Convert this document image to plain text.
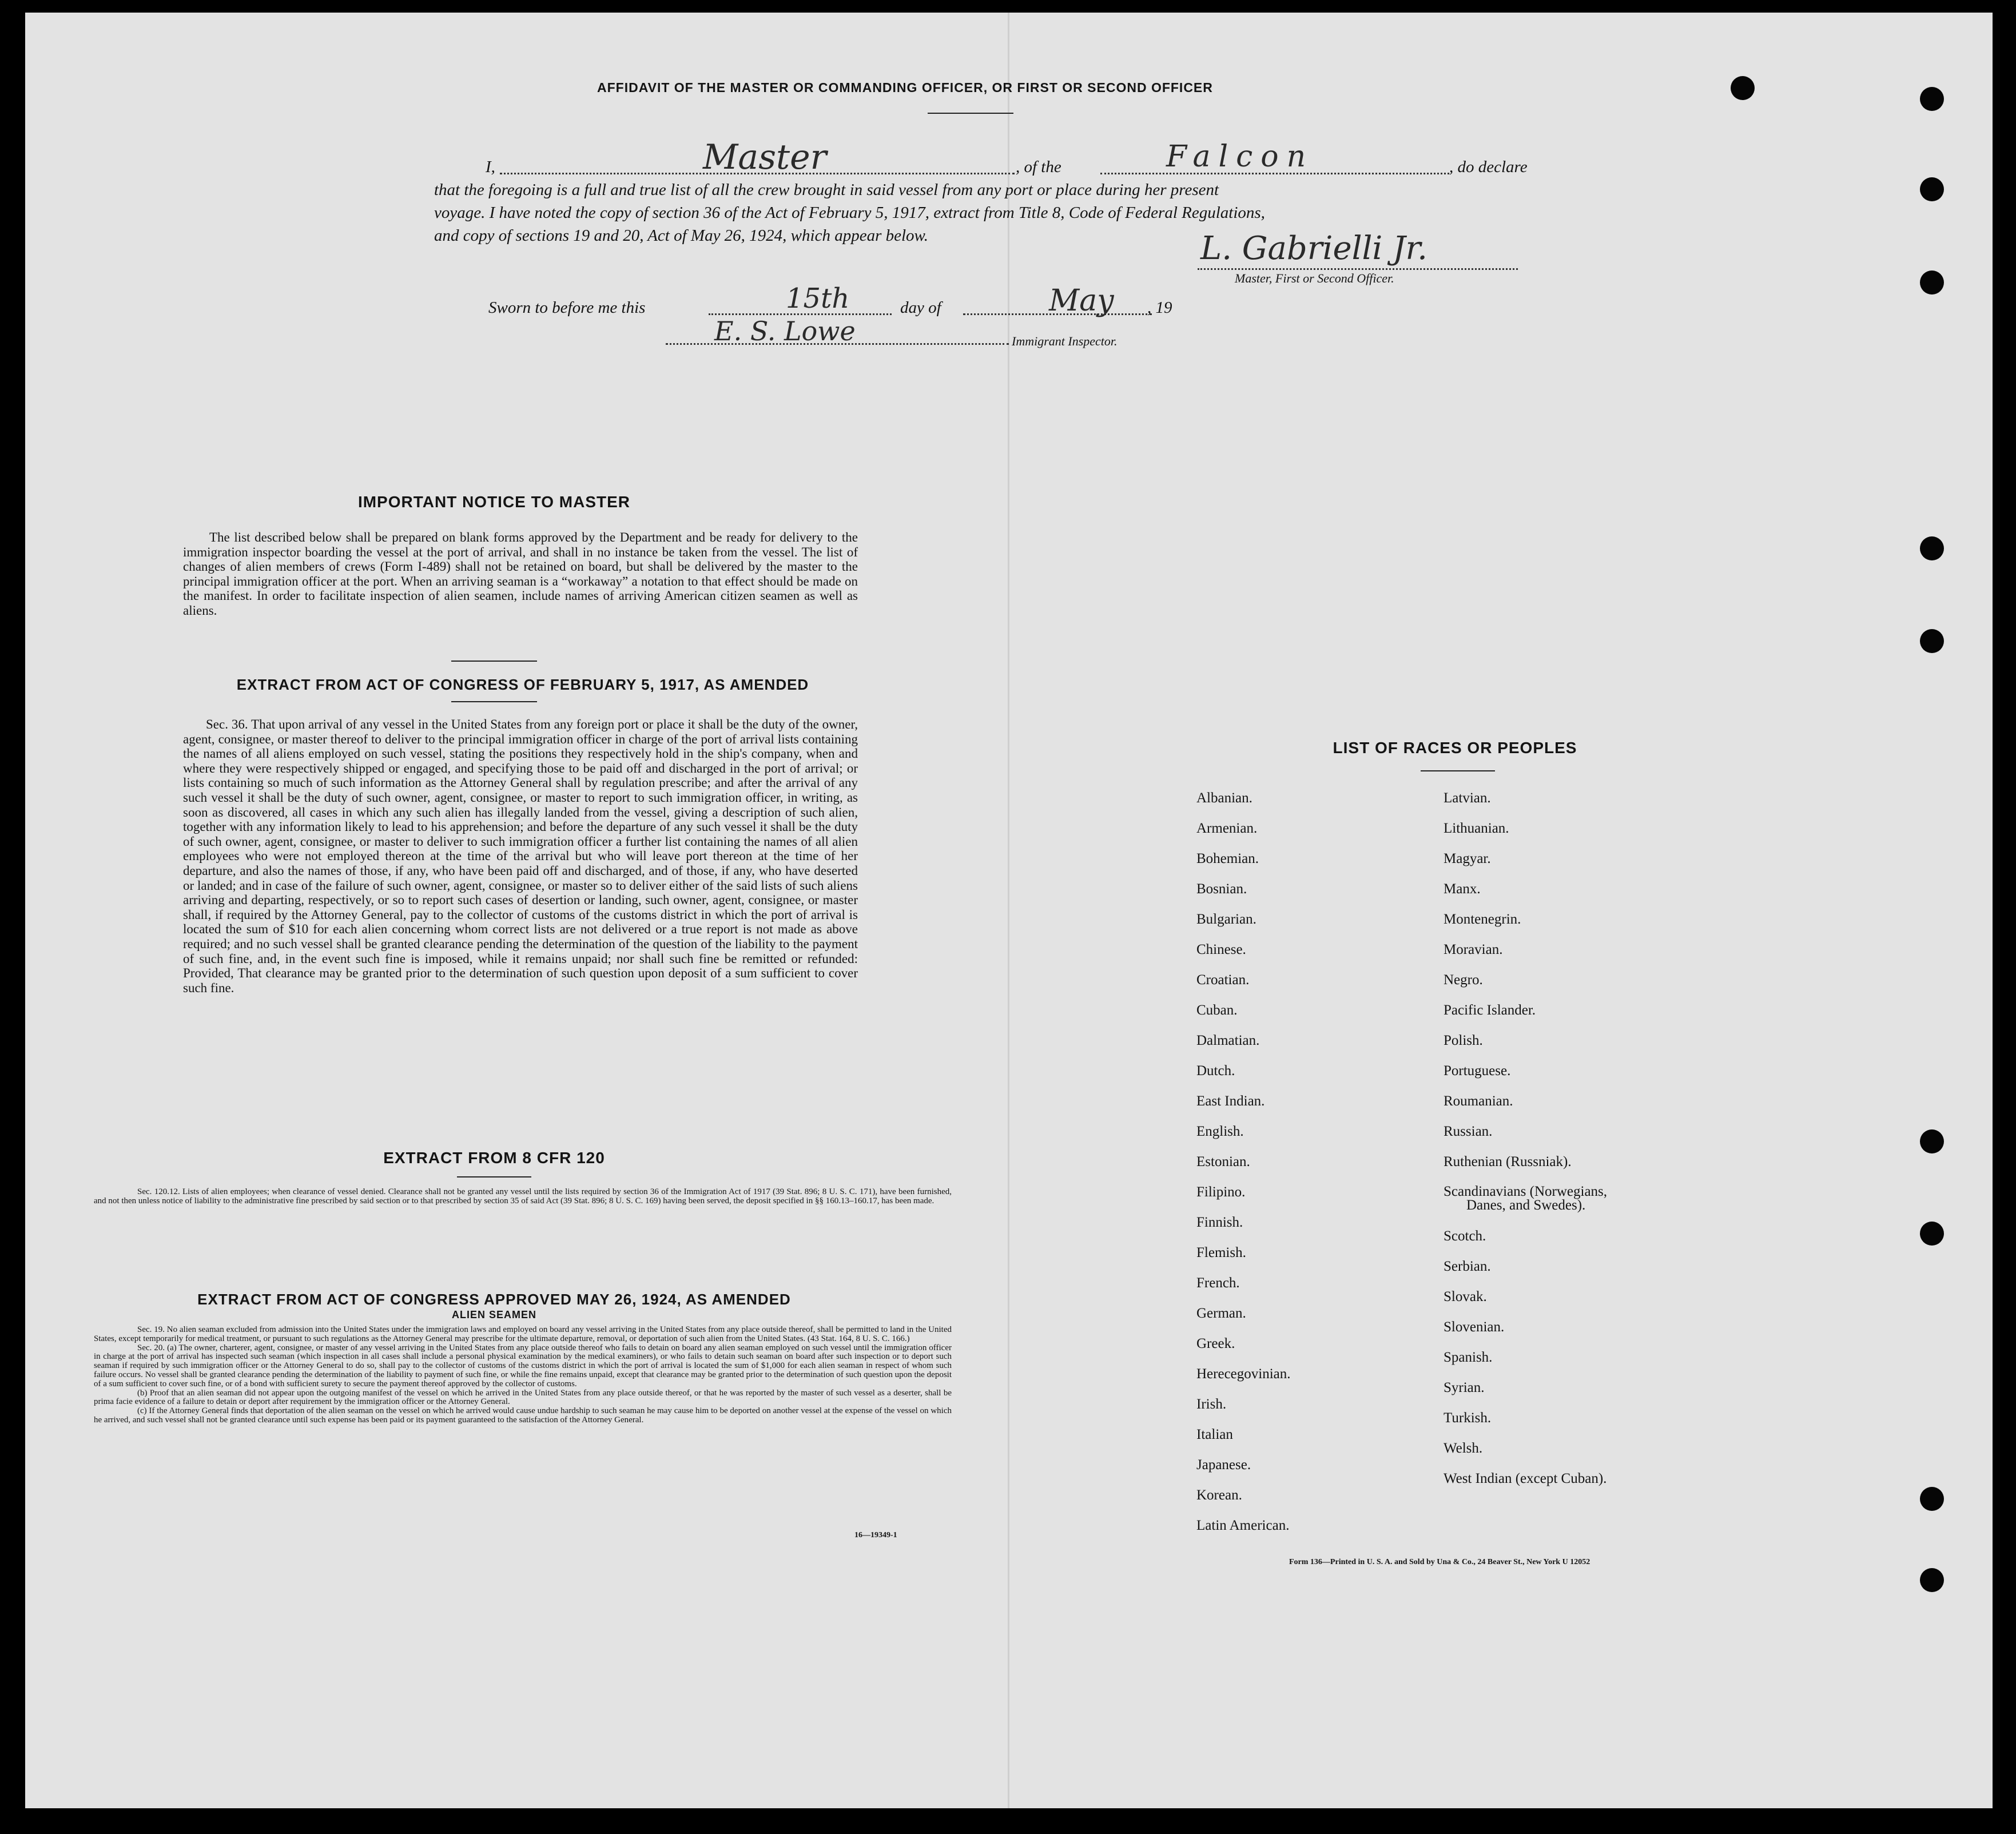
AFFIDAVIT OF THE MASTER OR COMMANDING OFFICER, OR FIRST OR SECOND OFFICER
I,	Master	, of the	Falcon	, do declare
that the foregoing is a full and true list of all the crew brought in said vessel from any port or place during her present
voyage. I have noted the copy of section 36 of the Act of February 5, 1917, extract from Title 8, Code of Federal Regulations,
and copy of sections 19 and 20, Act of May 26, 1924, which appear below.	L. Gabrielli Jr.
Master, First or Second Officer.
Sworn to before me this	15th	day of	May , 19
E. S. Lowe	Immigrant Inspector.
IMPORTANT NOTICE TO MASTER

The list described below shall be prepared on blank forms approved by the Department and be ready for delivery to the immigration inspector boarding the vessel at the port of arrival, and shall in no instance be taken from the vessel. The list of changes of alien members of crews (Form I-489) shall not be retained on board, but shall be delivered by the master to the principal immigration officer at the port. When an arriving seaman is a “workaway” a notation to that effect should be made on the manifest. In order to facilitate inspection of alien seamen, include names of arriving American citizen seamen as well as aliens.

EXTRACT FROM ACT OF CONGRESS OF FEBRUARY 5, 1917, AS AMENDED

Sec. 36. That upon arrival of any vessel in the United States from any foreign port or place it shall be the duty of the owner, agent, consignee, or master thereof to deliver to the principal immigration officer in charge of the port of arrival lists containing the names of all aliens employed on such vessel, stating the positions they respectively hold in the ship's company, when and where they were respectively shipped or engaged, and specifying those to be paid off and discharged in the port of arrival; or lists containing so much of such information as the Attorney General shall by regulation prescribe; and after the arrival of any such vessel it shall be the duty of such owner, agent, consignee, or master to report to such immigration officer, in writing, as soon as discovered, all cases in which any such alien has illegally landed from the vessel, giving a description of such alien, together with any information likely to lead to his apprehension; and before the departure of any such vessel it shall be the duty of such owner, agent, consignee, or master to deliver to such immigration officer a further list containing the names of all alien employees who were not employed thereon at the time of the arrival but who will leave port thereon at the time of her departure, and also the names of those, if any, who have been paid off and discharged, and of those, if any, who have deserted or landed; and in case of the failure of such owner, agent, consignee, or master so to deliver either of the said lists of such aliens arriving and departing, respectively, or so to report such cases of desertion or landing, such owner, agent, consignee, or master shall, if required by the Attorney General, pay to the collector of customs of the customs district in which the port of arrival is located the sum of $10 for each alien concerning whom correct lists are not delivered or a true report is not made as above required; and no such vessel shall be granted clearance pending the determination of the question of the liability to the payment of such fine, and, in the event such fine is imposed, while it remains unpaid; nor shall such fine be remitted or refunded: Provided, That clearance may be granted prior to the determination of such question upon deposit of a sum sufficient to cover such fine.

EXTRACT FROM 8 CFR 120

Sec. 120.12. Lists of alien employees; when clearance of vessel denied. Clearance shall not be granted any vessel until the lists required by section 36 of the Immigration Act of 1917 (39 Stat. 896; 8 U. S. C. 171), have been furnished, and not then unless notice of liability to the administrative fine prescribed by said section or to that prescribed by section 35 of said Act (39 Stat. 896; 8 U. S. C. 169) having been served, the deposit specified in §§ 160.13–160.17, has been made.

EXTRACT FROM ACT OF CONGRESS APPROVED MAY 26, 1924, AS AMENDED
ALIEN SEAMEN

Sec. 19. No alien seaman excluded from admission into the United States under the immigration laws and employed on board any vessel arriving in the United States from any place outside thereof, shall be permitted to land in the United States, except temporarily for medical treatment, or pursuant to such regulations as the Attorney General may prescribe for the ultimate departure, removal, or deportation of such alien from the United States. (43 Stat. 164, 8 U. S. C. 166.)

Sec. 20. (a) The owner, charterer, agent, consignee, or master of any vessel arriving in the United States from any place outside thereof who fails to detain on board any alien seaman employed on such vessel until the immigration officer in charge at the port of arrival has inspected such seaman (which inspection in all cases shall include a personal physical examination by the medical examiners), or who fails to detain such seaman on board after such inspection or to deport such seaman if required by such immigration officer or the Attorney General to do so, shall pay to the collector of customs of the customs district in which the port of arrival is located the sum of $1,000 for each alien seaman in respect of whom such failure occurs. No vessel shall be granted clearance pending the determination of the liability to payment of such fine, or while the fine remains unpaid, except that clearance may be granted prior to the determination of such question upon the deposit of a sum sufficient to cover such fine, or of a bond with sufficient surety to secure the payment thereof approved by the collector of customs.

(b) Proof that an alien seaman did not appear upon the outgoing manifest of the vessel on which he arrived in the United States from any place outside thereof, or that he was reported by the master of such vessel as a deserter, shall be prima facie evidence of a failure to detain or deport after requirement by the immigration officer or the Attorney General.

(c) If the Attorney General finds that deportation of the alien seaman on the vessel on which he arrived would cause undue hardship to such seaman he may cause him to be deported on another vessel at the expense of the vessel on which he arrived, and such vessel shall not be granted clearance until such expense has been paid or its payment guaranteed to the satisfaction of the Attorney General.

16—19349-1
LIST OF RACES OR PEOPLES
Albanian.
Armenian.
Bohemian.
Bosnian.
Bulgarian.
Chinese.
Croatian.
Cuban.
Dalmatian.
Dutch.
East Indian.
English.
Estonian.
Filipino.
Finnish.
Flemish.
French.
German.
Greek.
Herecegovinian.
Irish.
Italian
Japanese.
Korean.
Latin American.
Latvian.
Lithuanian.
Magyar.
Manx.
Montenegrin.
Moravian.
Negro.
Pacific Islander.
Polish.
Portuguese.
Roumanian.
Russian.
Ruthenian (Russniak).
Scandinavians (Norwegians,
Danes, and Swedes).
Scotch.
Serbian.
Slovak.
Slovenian.
Spanish.
Syrian.
Turkish.
Welsh.
West Indian (except Cuban).
Form 136—Printed in U. S. A. and Sold by Una & Co., 24 Beaver St., New York U 12052
